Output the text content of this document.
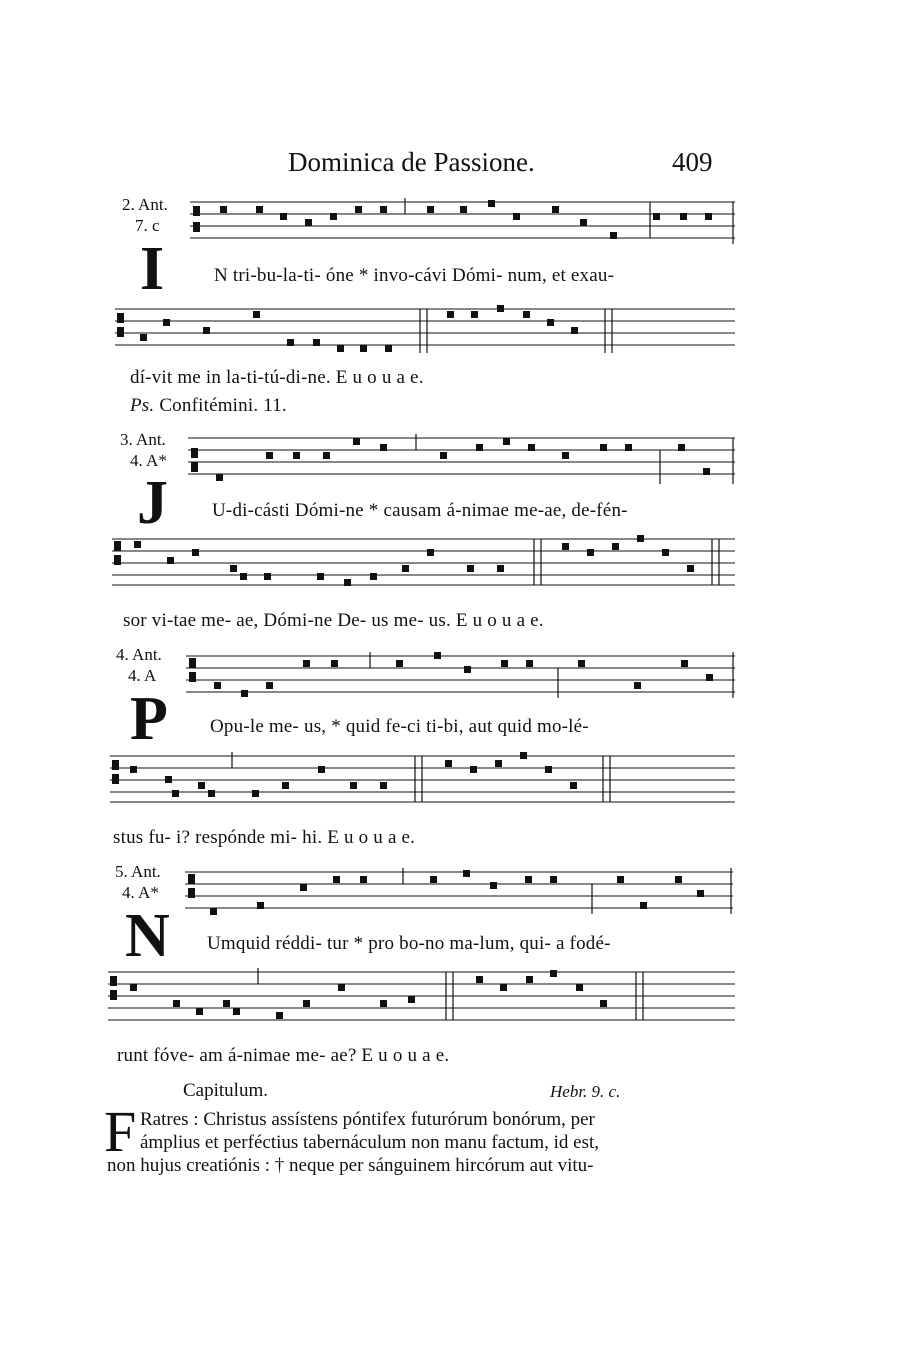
Dominica de Passione.	409
2. Ant.
7. c
I	N tri-bu-la-ti- óne * invo-cávi Dómi- num, et exau-
dí-vit me in la-ti-tú-di-ne. E u o u a e.
Ps. Confitémini. 11.
3. Ant.
4. A*
J U-di-cásti Dómi-ne * causam á-nimae me-ae, de-fén-
sor vi-tae me- ae, Dómi-ne De- us me- us. E u o u a e.
4. Ant.
4. A
P Opu-le me- us, * quid fe-ci ti-bi, aut quid mo-lé-
stus fu- i? respónde mi- hi. E u o u a e.
5. Ant.
4. A*
N Umquid réddi- tur * pro bo-no ma-lum, qui- a fodé-
runt fóve- am á-nimae me- ae? E u o u a e.
Capitulum.	Hebr. 9. c.
F Ratres : Christus assístens póntifex futurórum bonórum, per
ámplius et perféctius tabernáculum non manu factum, id est,
non hujus creatiónis : † neque per sánguinem hircórum aut vitu-
